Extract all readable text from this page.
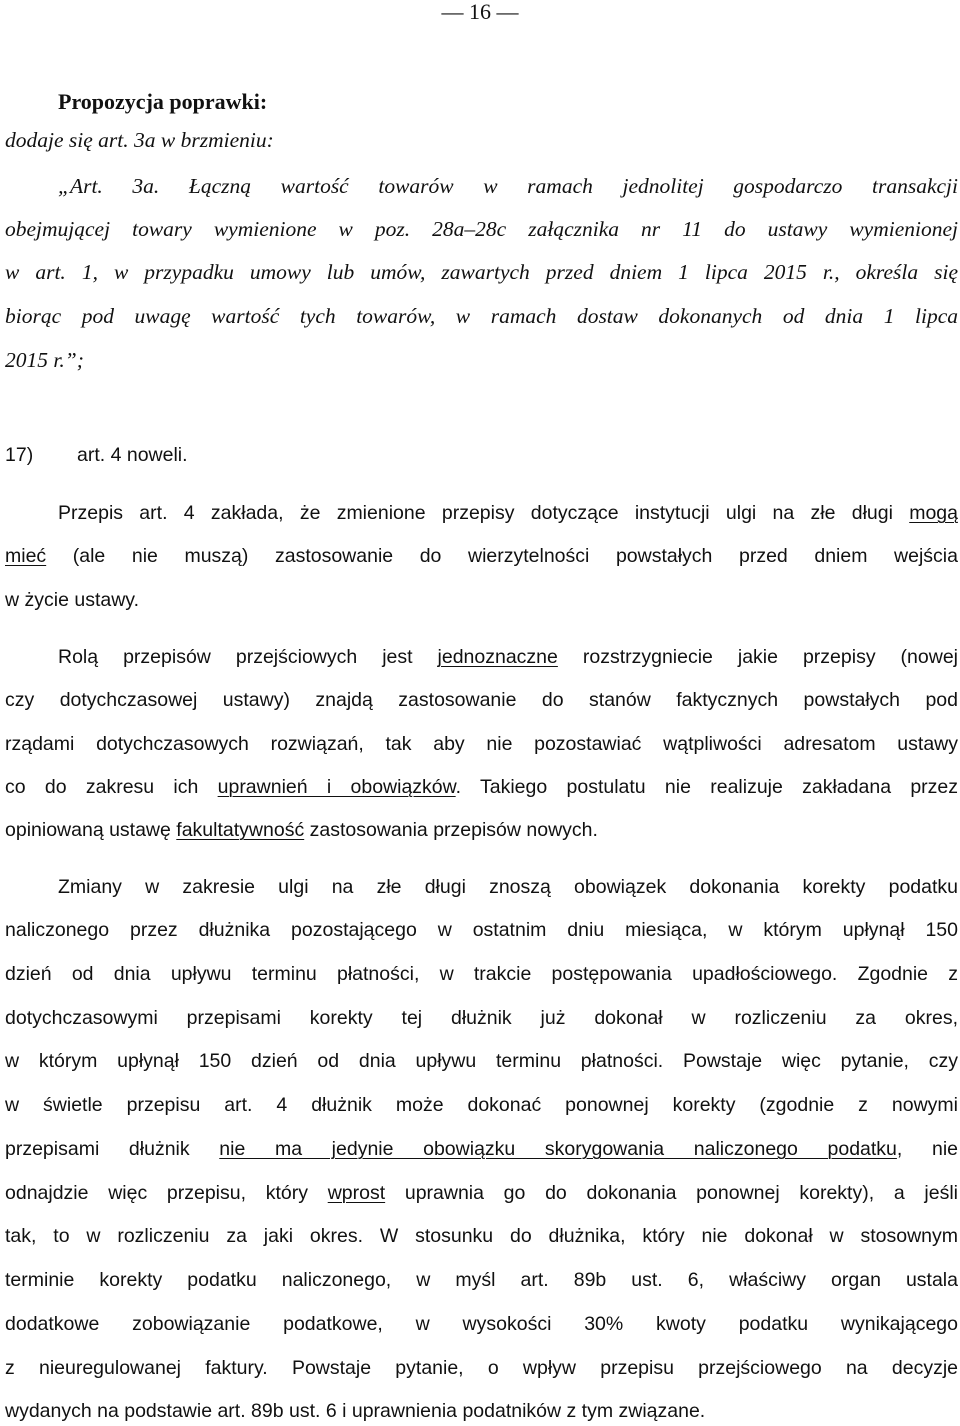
— 16 —
Propozycja poprawki:
dodaje się art. 3a w brzmieniu:
„Art. 3a. Łączną wartość towarów w ramach jednolitej gospodarczo transakcji
obejmującej towary wymienione w poz. 28a–28c załącznika nr 11 do ustawy wymienionej
w art. 1, w przypadku umowy lub umów, zawartych przed dniem 1 lipca 2015 r., określa się
biorąc pod uwagę wartość tych towarów, w ramach dostaw dokonanych od dnia 1 lipca
2015 r.”;
17) art. 4 noweli.
Przepis art. 4 zakłada, że zmienione przepisy dotyczące instytucji ulgi na złe długi mogą
mieć (ale nie muszą) zastosowanie do wierzytelności powstałych przed dniem wejścia
w życie ustawy.
Rolą przepisów przejściowych jest jednoznaczne rozstrzygniecie jakie przepisy (nowej
czy dotychczasowej ustawy) znajdą zastosowanie do stanów faktycznych powstałych pod
rządami dotychczasowych rozwiązań, tak aby nie pozostawiać wątpliwości adresatom ustawy
co do zakresu ich uprawnień i obowiązków. Takiego postulatu nie realizuje zakładana przez
opiniowaną ustawę fakultatywność zastosowania przepisów nowych.
Zmiany w zakresie ulgi na złe długi znoszą obowiązek dokonania korekty podatku
naliczonego przez dłużnika pozostającego w ostatnim dniu miesiąca, w którym upłynął 150
dzień od dnia upływu terminu płatności, w trakcie postępowania upadłościowego. Zgodnie z
dotychczasowymi przepisami korekty tej dłużnik już dokonał w rozliczeniu za okres,
w którym upłynął 150 dzień od dnia upływu terminu płatności. Powstaje więc pytanie, czy
w świetle przepisu art. 4 dłużnik może dokonać ponownej korekty (zgodnie z nowymi
przepisami dłużnik nie ma jedynie obowiązku skorygowania naliczonego podatku, nie
odnajdzie więc przepisu, który wprost uprawnia go do dokonania ponownej korekty), a jeśli
tak, to w rozliczeniu za jaki okres. W stosunku do dłużnika, który nie dokonał w stosownym
terminie korekty podatku naliczonego, w myśl art. 89b ust. 6, właściwy organ ustala
dodatkowe zobowiązanie podatkowe, w wysokości 30% kwoty podatku wynikającego
z nieuregulowanej faktury. Powstaje pytanie, o wpływ przepisu przejściowego na decyzje
wydanych na podstawie art. 89b ust. 6 i uprawnienia podatników z tym związane.
